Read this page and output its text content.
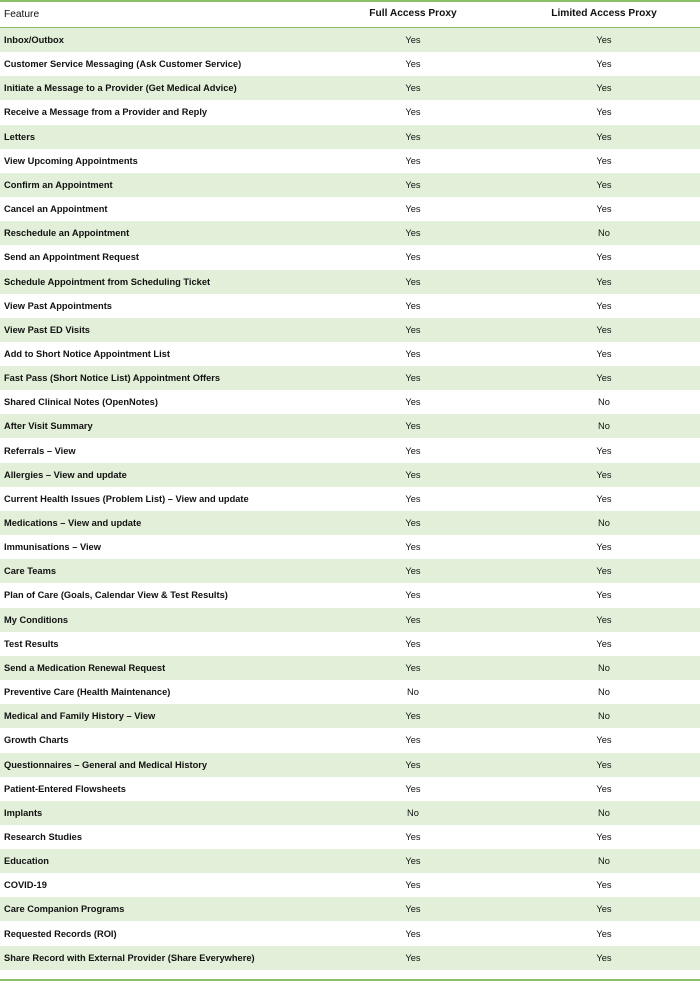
Feature	Full Access Proxy	Limited Access Proxy
Inbox/Outbox	Yes	Yes
Customer Service Messaging (Ask Customer Service)	Yes	Yes
Initiate a Message to a Provider (Get Medical Advice)	Yes	Yes
Receive a Message from a Provider and Reply	Yes	Yes
Letters	Yes	Yes
View Upcoming Appointments	Yes	Yes
Confirm an Appointment	Yes	Yes
Cancel an Appointment	Yes	Yes
Reschedule an Appointment	Yes	No
Send an Appointment Request	Yes	Yes
Schedule Appointment from Scheduling Ticket	Yes	Yes
View Past Appointments	Yes	Yes
View Past ED Visits	Yes	Yes
Add to Short Notice Appointment List	Yes	Yes
Fast Pass (Short Notice List) Appointment Offers	Yes	Yes
Shared Clinical Notes (OpenNotes)	Yes	No
After Visit Summary	Yes	No
Referrals – View	Yes	Yes
Allergies – View and update	Yes	Yes
Current Health Issues (Problem List) – View and update	Yes	Yes
Medications – View and update	Yes	No
Immunisations – View	Yes	Yes
Care Teams	Yes	Yes
Plan of Care (Goals, Calendar View & Test Results)	Yes	Yes
My Conditions	Yes	Yes
Test Results	Yes	Yes
Send a Medication Renewal Request	Yes	No
Preventive Care (Health Maintenance)	No	No
Medical and Family History – View	Yes	No
Growth Charts	Yes	Yes
Questionnaires – General and Medical History	Yes	Yes
Patient-Entered Flowsheets	Yes	Yes
Implants	No	No
Research Studies	Yes	Yes
Education	Yes	No
COVID-19	Yes	Yes
Care Companion Programs	Yes	Yes
Requested Records (ROI)	Yes	Yes
Share Record with External Provider (Share Everywhere)	Yes	Yes
